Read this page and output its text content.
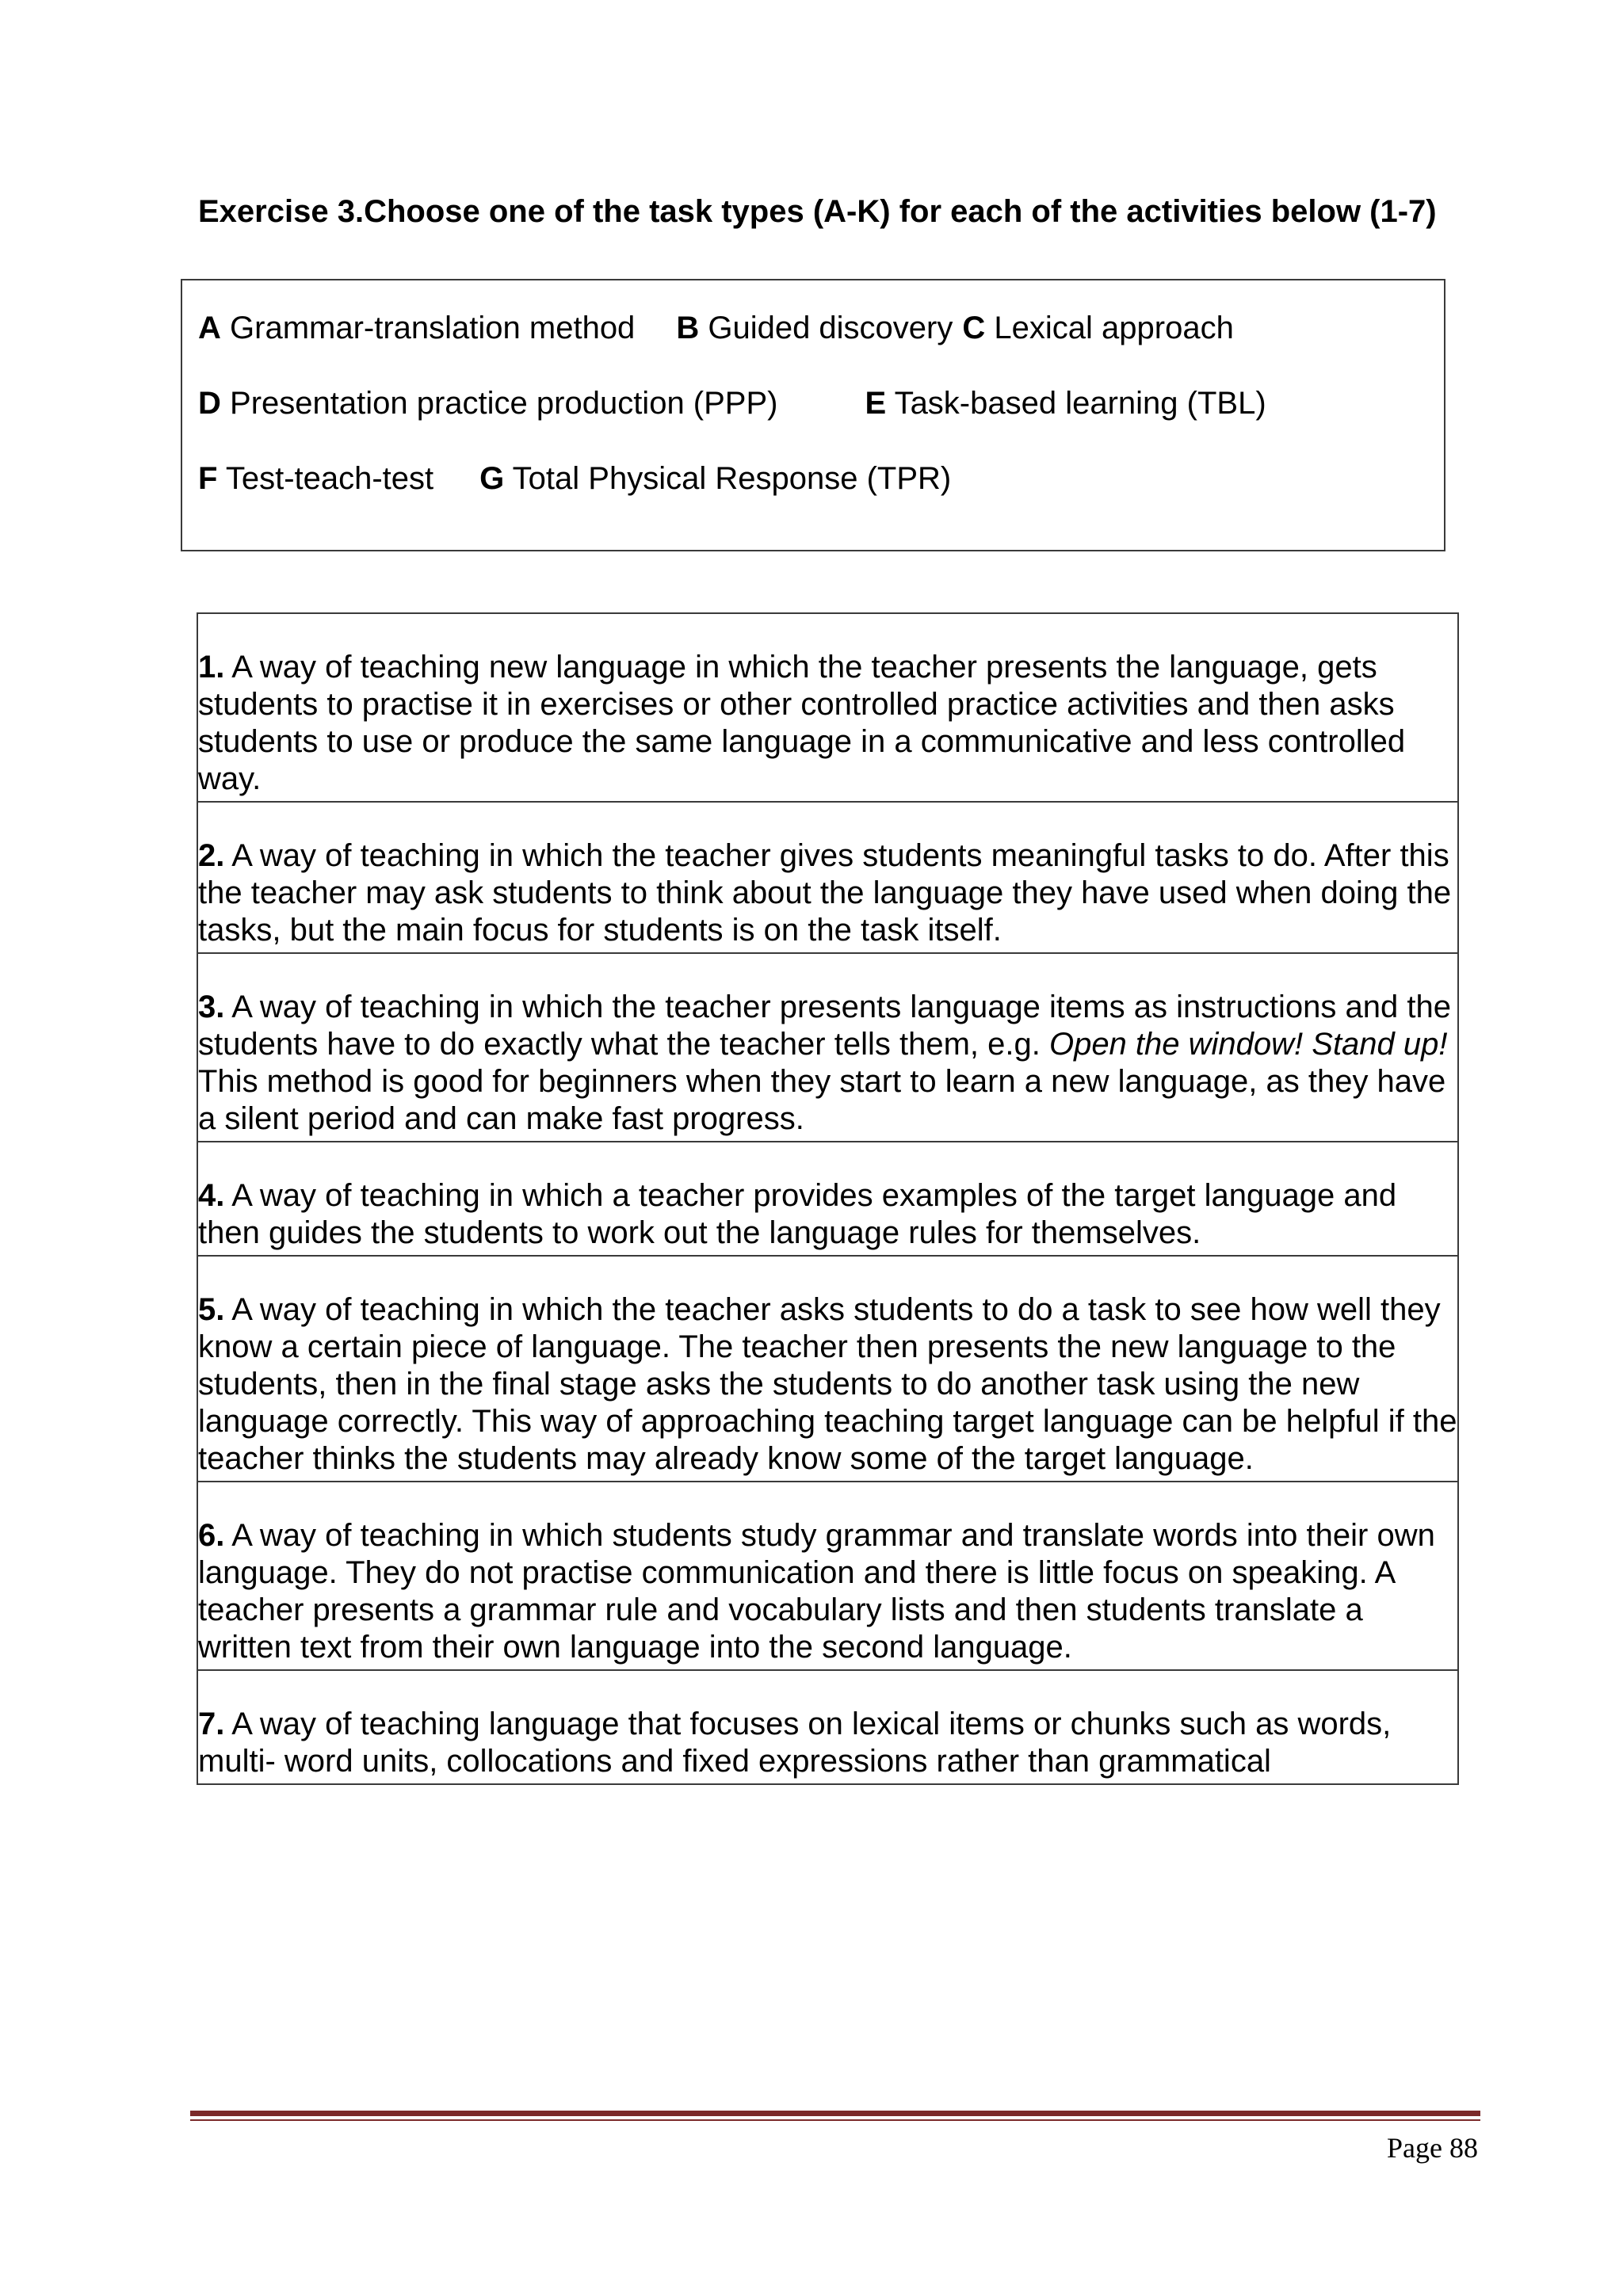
Exercise 3.Choose one of the task types (A-K) for each of the activities below (1-7)
A Grammar-translation method B Guided discovery C Lexical approach
D Presentation practice production (PPP)	E Task-based learning (TBL)
F Test-teach-test G Total Physical Response (TPR)
1. A way of teaching new language in which the teacher presents the language, gets students to practise it in exercises or other controlled practice activities and then asks students to use or produce the same language in a communicative and less controlled way.

2. A way of teaching in which the teacher gives students meaningful tasks to do. After this the teacher may ask students to think about the language they have used when doing the tasks, but the main focus for students is on the task itself.

3. A way of teaching in which the teacher presents language items as instructions and the students have to do exactly what the teacher tells them, e.g. Open the window! Stand up! This method is good for beginners when they start to learn a new language, as they have a silent period and can make fast progress.

4. A way of teaching in which a teacher provides examples of the target language and then guides the students to work out the language rules for themselves.

5. A way of teaching in which the teacher asks students to do a task to see how well they know a certain piece of language. The teacher then presents the new language to the students, then in the final stage asks the students to do another task using the new language correctly. This way of approaching teaching target language can be helpful if the teacher thinks the students may already know some of the target language.

6. A way of teaching in which students study grammar and translate words into their own language. They do not practise communication and there is little focus on speaking. A teacher presents a grammar rule and vocabulary lists and then students translate a written text from their own language into the second language.

7. A way of teaching language that focuses on lexical items or chunks such as words, multi- word units, collocations and fixed expressions rather than grammatical
Page 88
